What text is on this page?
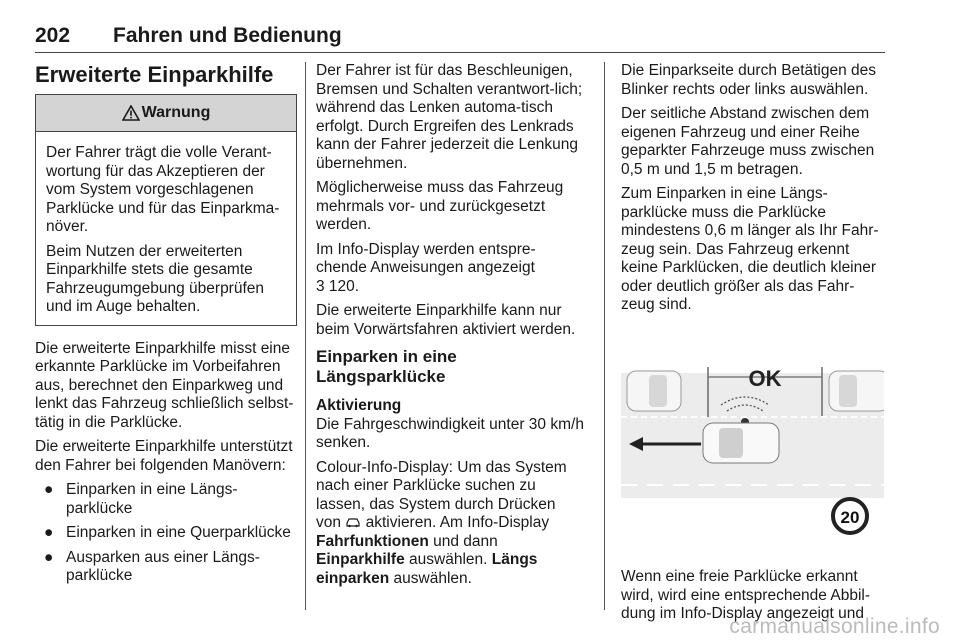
202 Fahren und Bedienung
Erweiterte Einparkhilfe
Warnung

Der Fahrer trägt die volle Verant-wortung für das Akzeptieren der vom System vorgeschlagenen Parklücke und für das Einparkma-növer.

Beim Nutzen der erweiterten Einparkhilfe stets die gesamte Fahrzeugumgebung überprüfen und im Auge behalten.

Die erweiterte Einparkhilfe misst eine erkannte Parklücke im Vorbeifahren aus, berechnet den Einparkweg und lenkt das Fahrzeug schließlich selbst-tätig in die Parklücke.

Die erweiterte Einparkhilfe unterstützt den Fahrer bei folgenden Manövern:

● Einparken in eine Längs-parklücke
● Einparken in eine Querparklücke
● Ausparken aus einer Längs-parklücke

Der Fahrer ist für das Beschleunigen, Bremsen und Schalten verantwort-lich; während das Lenken automa-tisch erfolgt. Durch Ergreifen des Lenkrads kann der Fahrer jederzeit die Lenkung übernehmen.

Möglicherweise muss das Fahrzeug mehrmals vor- und zurückgesetzt werden.

Im Info-Display werden entspre-chende Anweisungen angezeigt
3 120.

Die erweiterte Einparkhilfe kann nur beim Vorwärtsfahren aktiviert werden.

Einparken in eine Längsparklücke

Aktivierung

Die Fahrgeschwindigkeit unter 30 km/h senken.

Colour-Info-Display: Um das System nach einer Parklücke suchen zu lassen, das System durch Drücken von aktivieren. Am Info-Display Fahrfunktionen und dann Einparkhilfe auswählen. Längs einparken auswählen.

Die Einparkseite durch Betätigen des Blinker rechts oder links auswählen.

Der seitliche Abstand zwischen dem eigenen Fahrzeug und einer Reihe geparkter Fahrzeuge muss zwischen 0,5 m und 1,5 m betragen.

Zum Einparken in eine Längs-parklücke muss die Parklücke mindestens 0,6 m länger als Ihr Fahr-zeug sein. Das Fahrzeug erkennt keine Parklücken, die deutlich kleiner oder deutlich größer als das Fahr-zeug sind.

OK
20

Wenn eine freie Parklücke erkannt wird, wird eine entsprechende Abbil-dung im Info-Display angezeigt und

carmanualsonline.info
